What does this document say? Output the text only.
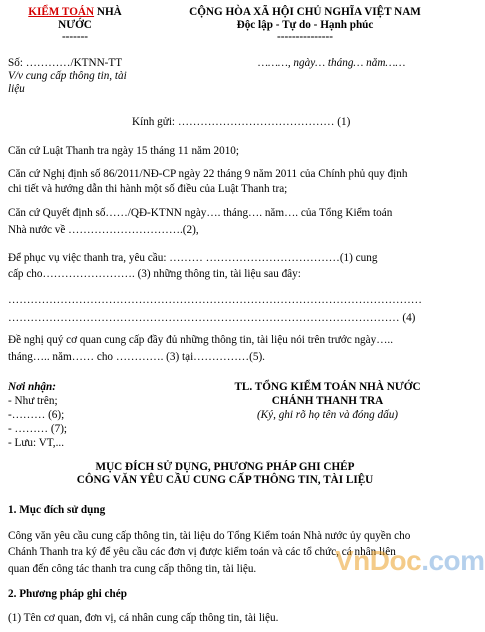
KIỂM TOÁN NHÀ
NƯỚC
-------
CỘNG HÒA XÃ HỘI CHỦ NGHĨA VIỆT NAM
Độc lập - Tự do - Hạnh phúc
---------------
Số: …………/KTNN-TT	………, ngày… tháng… năm……
V/v cung cấp thông tin, tài
liệu
Kính gửi: …………………………………… (1)
Căn cứ Luật Thanh tra ngày 15 tháng 11 năm 2010;
Căn cứ Nghị định số 86/2011/NĐ-CP ngày 22 tháng 9 năm 2011 của Chính phủ quy định
chi tiết và hướng dẫn thi hành một số điều của Luật Thanh tra;
Căn cứ Quyết định số……/QĐ-KTNN ngày…. tháng…. năm…. của Tổng Kiểm toán
Nhà nước về ………………………….(2),
Để phục vụ việc thanh tra, yêu cầu: ……… ………………………………(1) cung
cấp cho……………………. (3) những thông tin, tài liệu sau đây:
…………………………………………………………………………………………………
…………………………………………………………………………………………… (4)
Đề nghị quý cơ quan cung cấp đầy đủ những thông tin, tài liệu nói trên trước ngày…..
tháng….. năm…… cho …………. (3) tại……………(5).
Nơi nhận:
- Như trên;
-……… (6);
- ……… (7);
- Lưu: VT,...
TL. TỔNG KIỂM TOÁN NHÀ NƯỚC
CHÁNH THANH TRA
(Ký, ghi rõ họ tên và đóng dấu)
MỤC ĐÍCH SỬ DỤNG, PHƯƠNG PHÁP GHI CHÉP
CÔNG VĂN YÊU CẦU CUNG CẤP THÔNG TIN, TÀI LIỆU
1. Mục đích sử dụng
Công văn yêu cầu cung cấp thông tin, tài liệu do Tổng Kiểm toán Nhà nước ủy quyền cho
Chánh Thanh tra ký để yêu cầu các đơn vị được kiểm toán và các tổ chức, cá nhân liên
quan đến công tác thanh tra cung cấp thông tin, tài liệu.
2. Phương pháp ghi chép
(1) Tên cơ quan, đơn vị, cá nhân cung cấp thông tin, tài liệu.
VnDoc.com
